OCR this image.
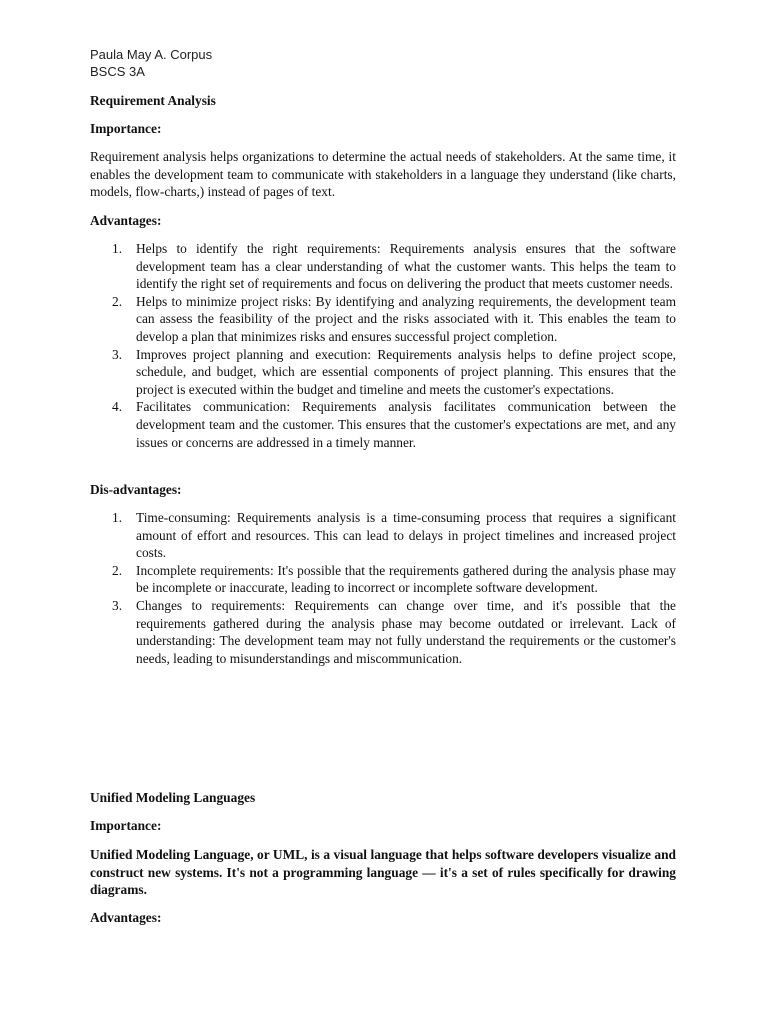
Paula May A. Corpus
BSCS 3A
Requirement Analysis
Importance:
Requirement analysis helps organizations to determine the actual needs of stakeholders. At the same time, it enables the development team to communicate with stakeholders in a language they understand (like charts, models, flow-charts,) instead of pages of text.
Advantages:
1. Helps to identify the right requirements: Requirements analysis ensures that the software development team has a clear understanding of what the customer wants. This helps the team to identify the right set of requirements and focus on delivering the product that meets customer needs.
2. Helps to minimize project risks: By identifying and analyzing requirements, the development team can assess the feasibility of the project and the risks associated with it. This enables the team to develop a plan that minimizes risks and ensures successful project completion.
3. Improves project planning and execution: Requirements analysis helps to define project scope, schedule, and budget, which are essential components of project planning. This ensures that the project is executed within the budget and timeline and meets the customer's expectations.
4. Facilitates communication: Requirements analysis facilitates communication between the development team and the customer. This ensures that the customer's expectations are met, and any issues or concerns are addressed in a timely manner.
Dis-advantages:
1. Time-consuming: Requirements analysis is a time-consuming process that requires a significant amount of effort and resources. This can lead to delays in project timelines and increased project costs.
2. Incomplete requirements: It's possible that the requirements gathered during the analysis phase may be incomplete or inaccurate, leading to incorrect or incomplete software development.
3. Changes to requirements: Requirements can change over time, and it's possible that the requirements gathered during the analysis phase may become outdated or irrelevant. Lack of understanding: The development team may not fully understand the requirements or the customer's needs, leading to misunderstandings and miscommunication.
Unified Modeling Languages
Importance:
Unified Modeling Language, or UML, is a visual language that helps software developers visualize and construct new systems. It's not a programming language — it's a set of rules specifically for drawing diagrams.
Advantages:
